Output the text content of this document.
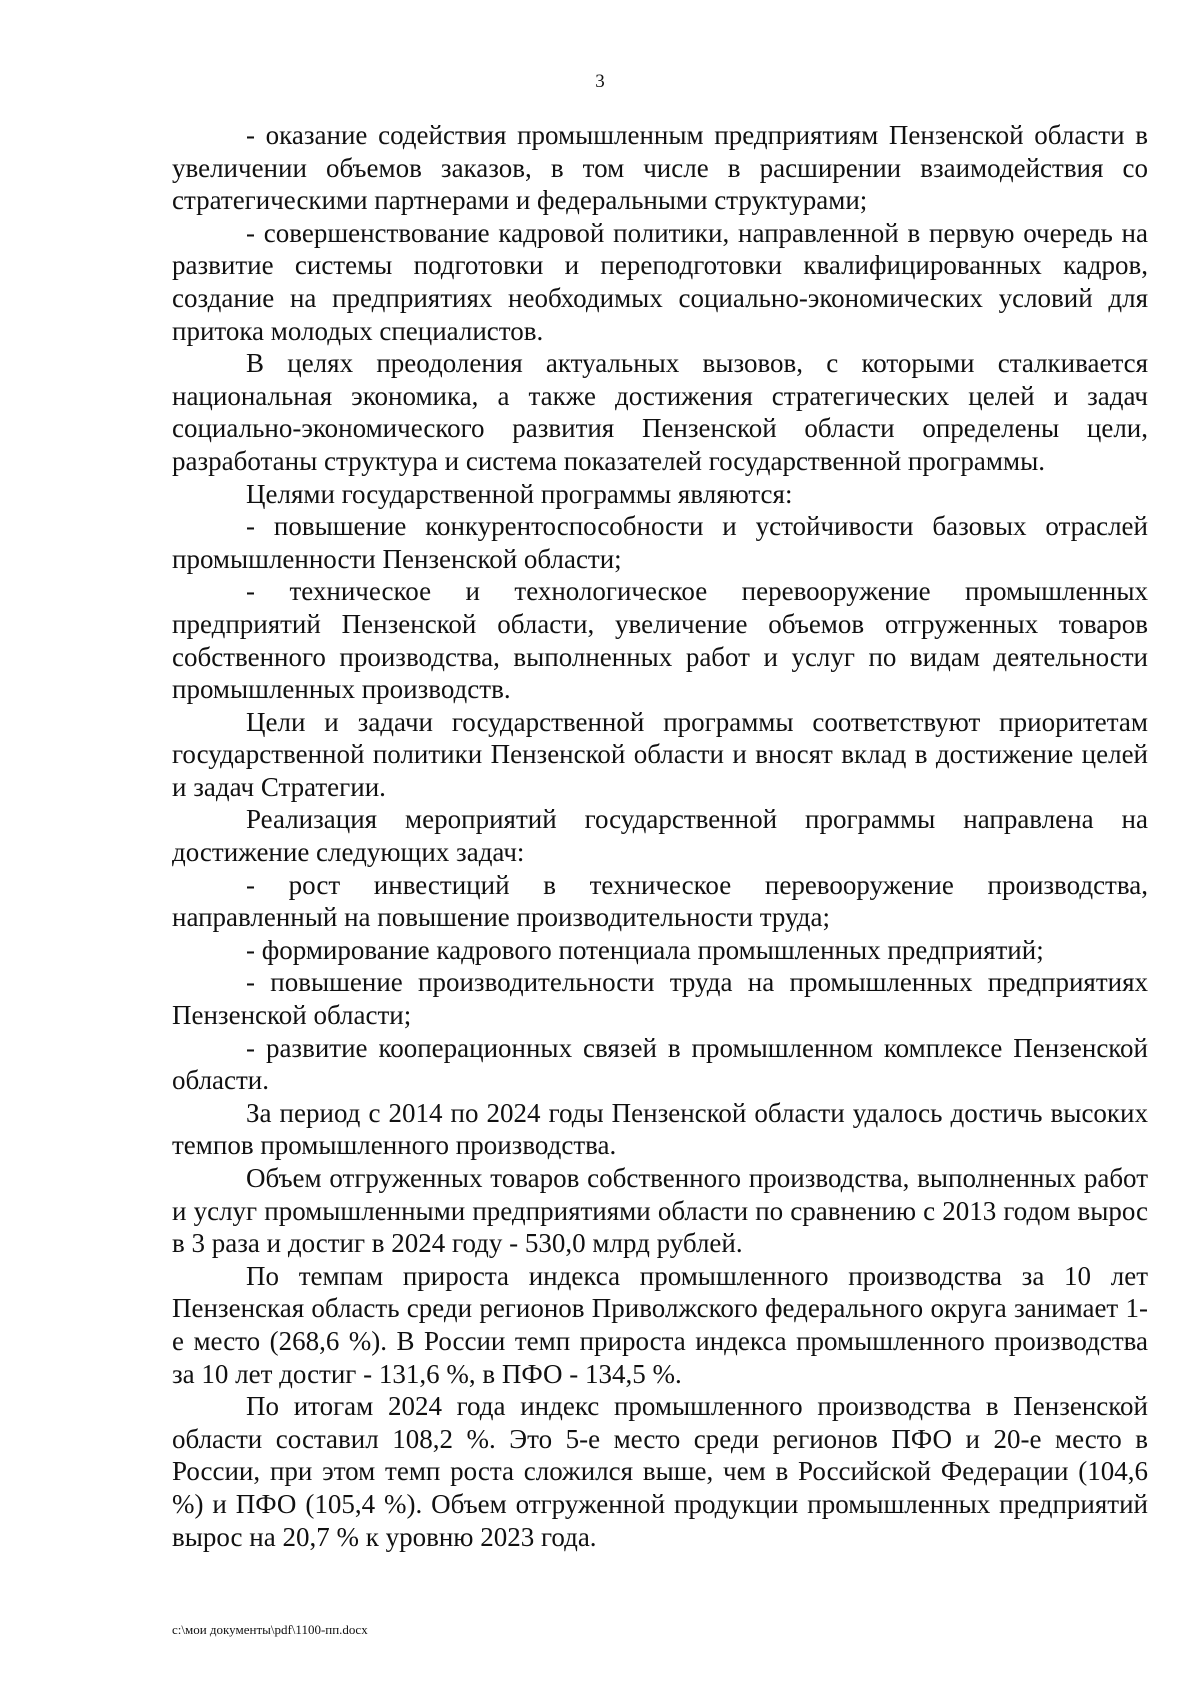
3

- оказание содействия промышленным предприятиям Пензенской области в увеличении объемов заказов, в том числе в расширении взаимодействия со стратегическими партнерами и федеральными структурами;

- совершенствование кадровой политики, направленной в первую очередь на развитие системы подготовки и переподготовки квалифицированных кадров, создание на предприятиях необходимых социально-экономических условий для притока молодых специалистов.

В целях преодоления актуальных вызовов, с которыми сталкивается национальная экономика, а также достижения стратегических целей и задач социально-экономического развития Пензенской области определены цели, разработаны структура и система показателей государственной программы.

Целями государственной программы являются:

- повышение конкурентоспособности и устойчивости базовых отраслей промышленности Пензенской области;

- техническое и технологическое перевооружение промышленных предприятий Пензенской области, увеличение объемов отгруженных товаров собственного производства, выполненных работ и услуг по видам деятельности промышленных производств.

Цели и задачи государственной программы соответствуют приоритетам государственной политики Пензенской области и вносят вклад в достижение целей и задач Стратегии.

Реализация мероприятий государственной программы направлена на достижение следующих задач:

- рост инвестиций в техническое перевооружение производства, направленный на повышение производительности труда;

- формирование кадрового потенциала промышленных предприятий;

- повышение производительности труда на промышленных предприятиях Пензенской области;

- развитие кооперационных связей в промышленном комплексе Пензенской области.

За период с 2014 по 2024 годы Пензенской области удалось достичь высоких темпов промышленного производства.

Объем отгруженных товаров собственного производства, выполненных работ и услуг промышленными предприятиями области по сравнению с 2013 годом вырос в 3 раза и достиг в 2024 году - 530,0 млрд рублей.

По темпам прироста индекса промышленного производства за 10 лет Пензенская область среди регионов Приволжского федерального округа занимает 1-е место (268,6 %). В России темп прироста индекса промышленного производства за 10 лет достиг - 131,6 %, в ПФО - 134,5 %.

По итогам 2024 года индекс промышленного производства в Пензенской области составил 108,2 %. Это 5-е место среди регионов ПФО и 20-е место в России, при этом темп роста сложился выше, чем в Российской Федерации (104,6 %) и ПФО (105,4 %). Объем отгруженной продукции промышленных предприятий вырос на 20,7 % к уровню 2023 года.

c:\мои документы\pdf\1100-пп.docx
